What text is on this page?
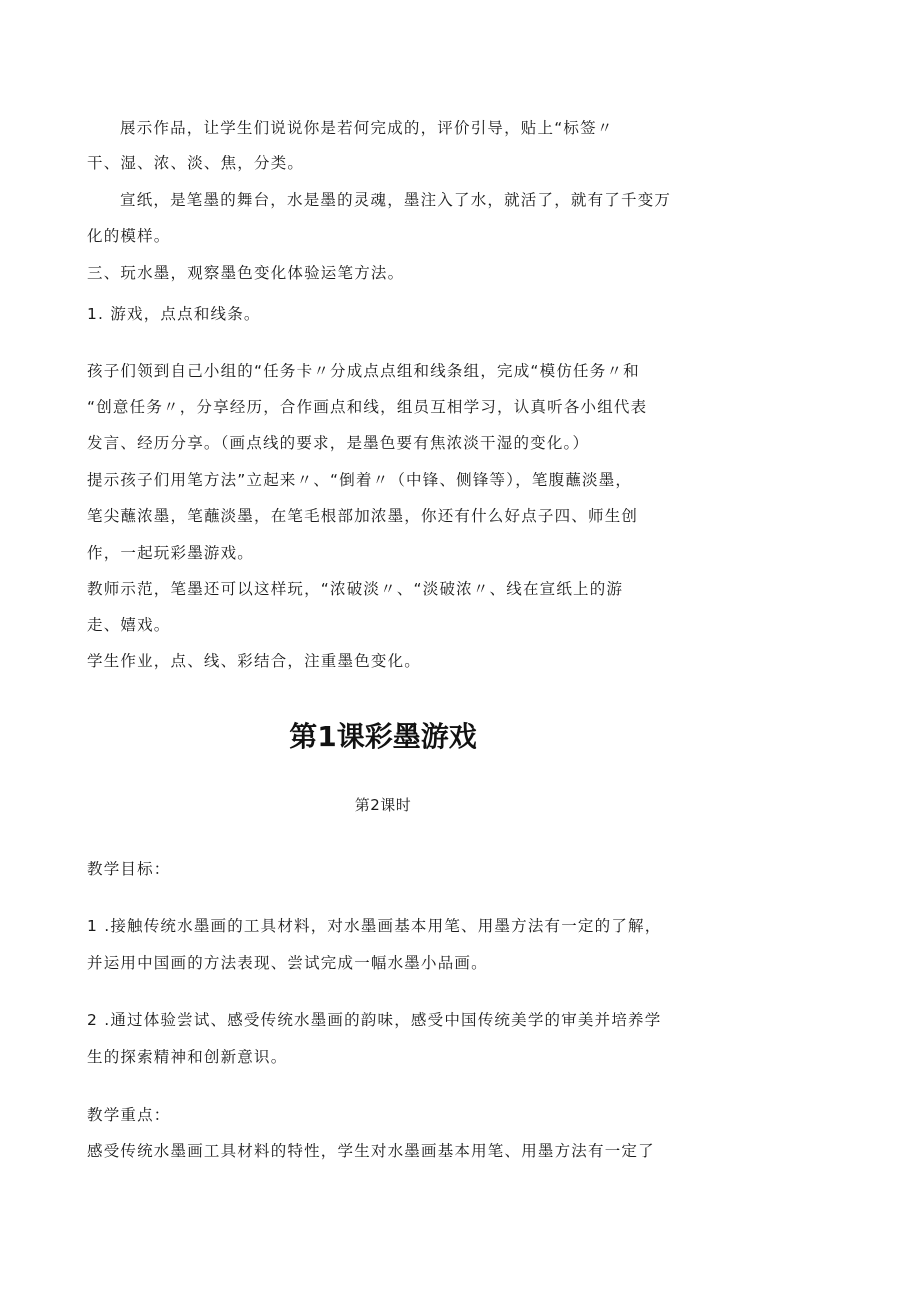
展示作品，让学生们说说你是若何完成的，评价引导，贴上“标签〃
干、湿、浓、淡、焦，分类。
宣纸，是笔墨的舞台，水是墨的灵魂，墨注入了水，就活了，就有了千变万
化的模样。
三、玩水墨，观察墨色变化体验运笔方法。
1. 游戏，点点和线条。
孩子们领到自己小组的“任务卡〃分成点点组和线条组，完成“模仿任务〃和
“创意任务〃，分享经历，合作画点和线，组员互相学习，认真听各小组代表
发言、经历分享。（画点线的要求，是墨色要有焦浓淡干湿的变化。）
提示孩子们用笔方法”立起来〃、“倒着〃（中锋、侧锋等），笔腹蘸淡墨，
笔尖蘸浓墨，笔蘸淡墨，在笔毛根部加浓墨，你还有什么好点子四、师生创
作，一起玩彩墨游戏。
教师示范，笔墨还可以这样玩，“浓破淡〃、“淡破浓〃、线在宣纸上的游
走、嬉戏。
学生作业，点、线、彩结合，注重墨色变化。
第1课彩墨游戏
第2课时
教学目标：
1 .接触传统水墨画的工具材料，对水墨画基本用笔、用墨方法有一定的了解，
并运用中国画的方法表现、尝试完成一幅水墨小品画。
2 .通过体验尝试、感受传统水墨画的韵味，感受中国传统美学的审美并培养学
生的探索精神和创新意识。
教学重点：
感受传统水墨画工具材料的特性，学生对水墨画基本用笔、用墨方法有一定了
